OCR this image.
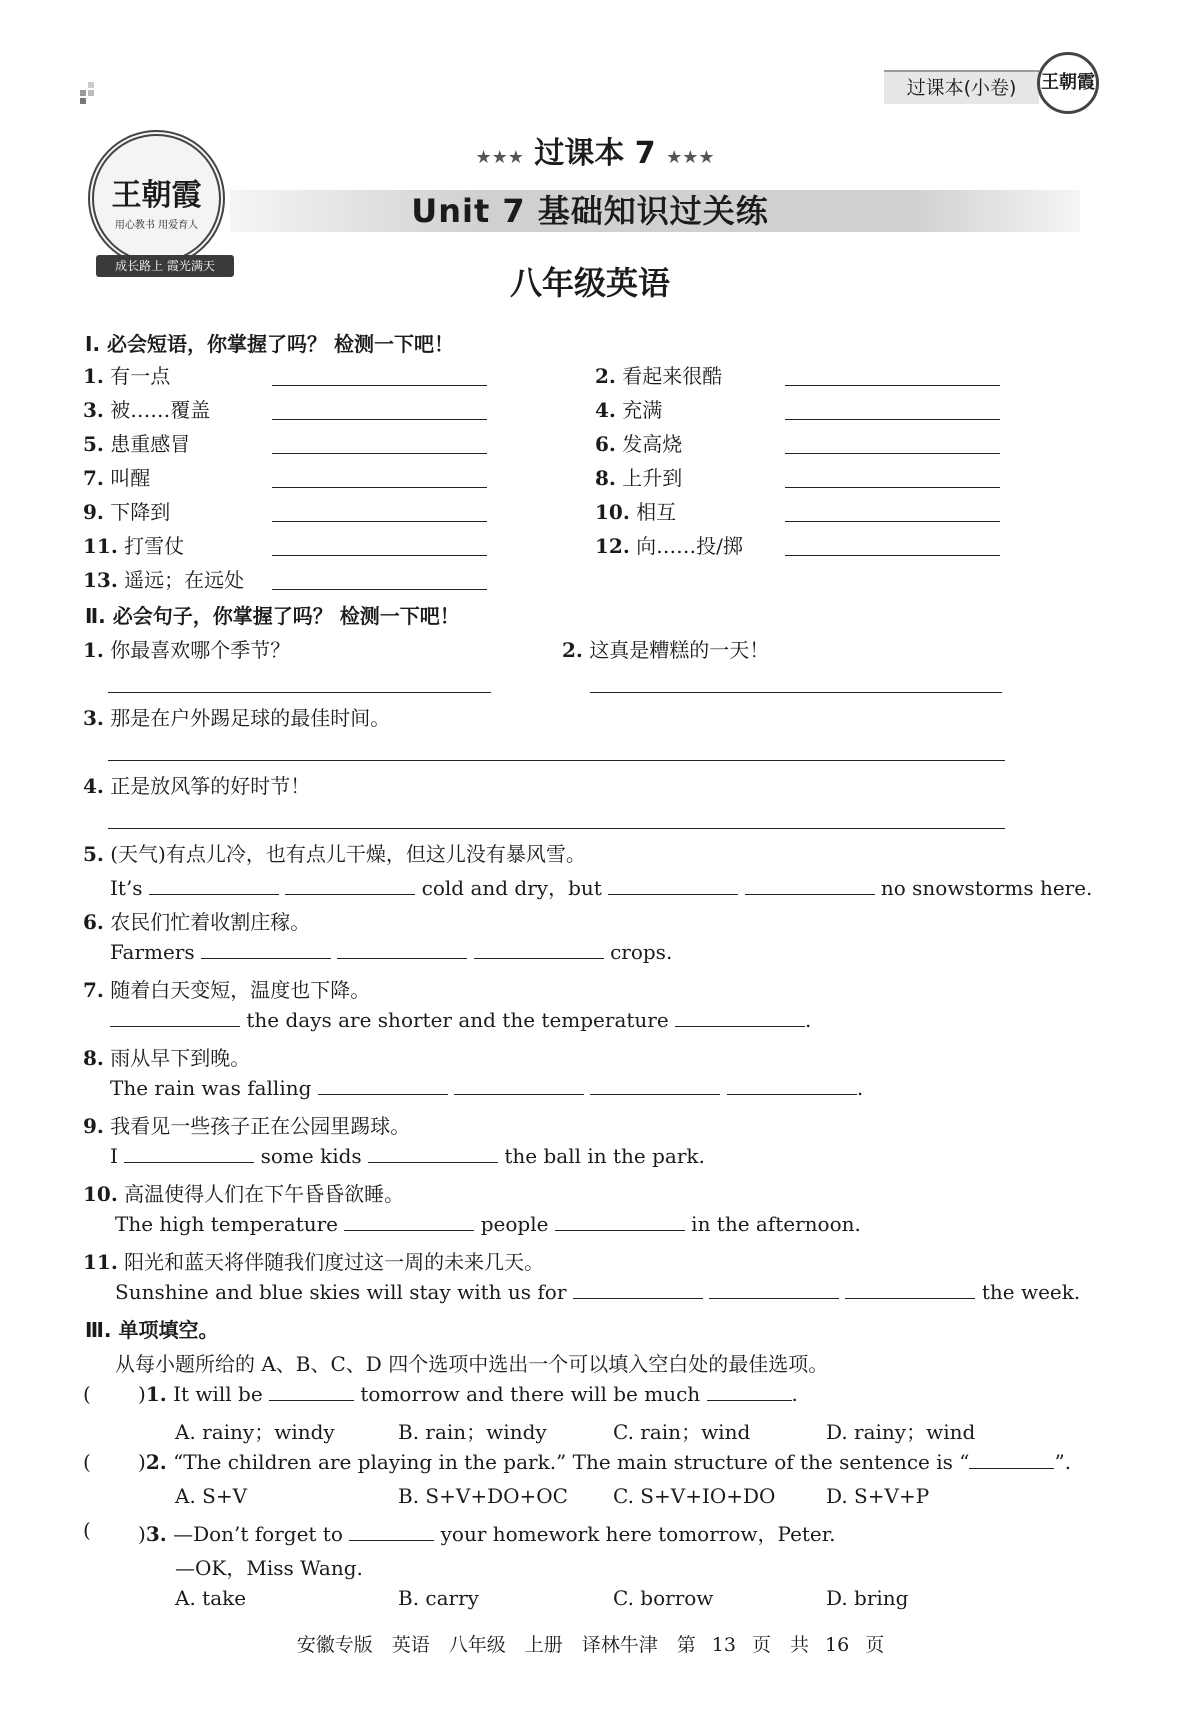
过课本(小卷)	王朝霞
王朝霞
用心教书 用爱育人
成长路上 霞光满天
★★★ 过课本 7 ★★★
Unit 7 基础知识过关练
八年级英语
Ⅰ. 必会短语，你掌握了吗？ 检测一下吧！
1. 有一点	2. 看起来很酷
3. 被……覆盖	4. 充满
5. 患重感冒	6. 发高烧
7. 叫醒	8. 上升到
9. 下降到	10. 相互
11. 打雪仗	12. 向……投/掷
13. 遥远；在远处
Ⅱ. 必会句子，你掌握了吗？ 检测一下吧！
1. 你最喜欢哪个季节？	2. 这真是糟糕的一天！
3. 那是在户外踢足球的最佳时间。
4. 正是放风筝的好时节！
5. (天气)有点儿冷，也有点儿干燥，但这儿没有暴风雪。
It’s	cold and dry，but	no snowstorms here.
6. 农民们忙着收割庄稼。
Farmers	crops.
7. 随着白天变短，温度也下降。
the days are shorter and the temperature	.
8. 雨从早下到晚。
The rain was falling	.
9. 我看见一些孩子正在公园里踢球。
I	some kids	the ball in the park.
10. 高温使得人们在下午昏昏欲睡。
The high temperature	people	in the afternoon.
11. 阳光和蓝天将伴随我们度过这一周的未来几天。
Sunshine and blue skies will stay with us for	the week.
Ⅲ. 单项填空。
从每小题所给的 A、B、C、D 四个选项中选出一个可以填入空白处的最佳选项。
( )1. It will be	tomorrow and there will be much	.
A. rainy；windy	B. rain；windy	C. rain；wind	D. rainy；wind
( )2. “The children are playing in the park.” The main structure of the sentence is “	”.
A. S+V	B. S+V+DO+OC C. S+V+IO+DO	D. S+V+P
( )3. —Don’t forget to	your homework here tomorrow，Peter.
—OK，Miss Wang.
A. take	B. carry	C. borrow	D. bring
安徽专版　英语　八年级　上册　译林牛津　第 13 页　共 16 页
